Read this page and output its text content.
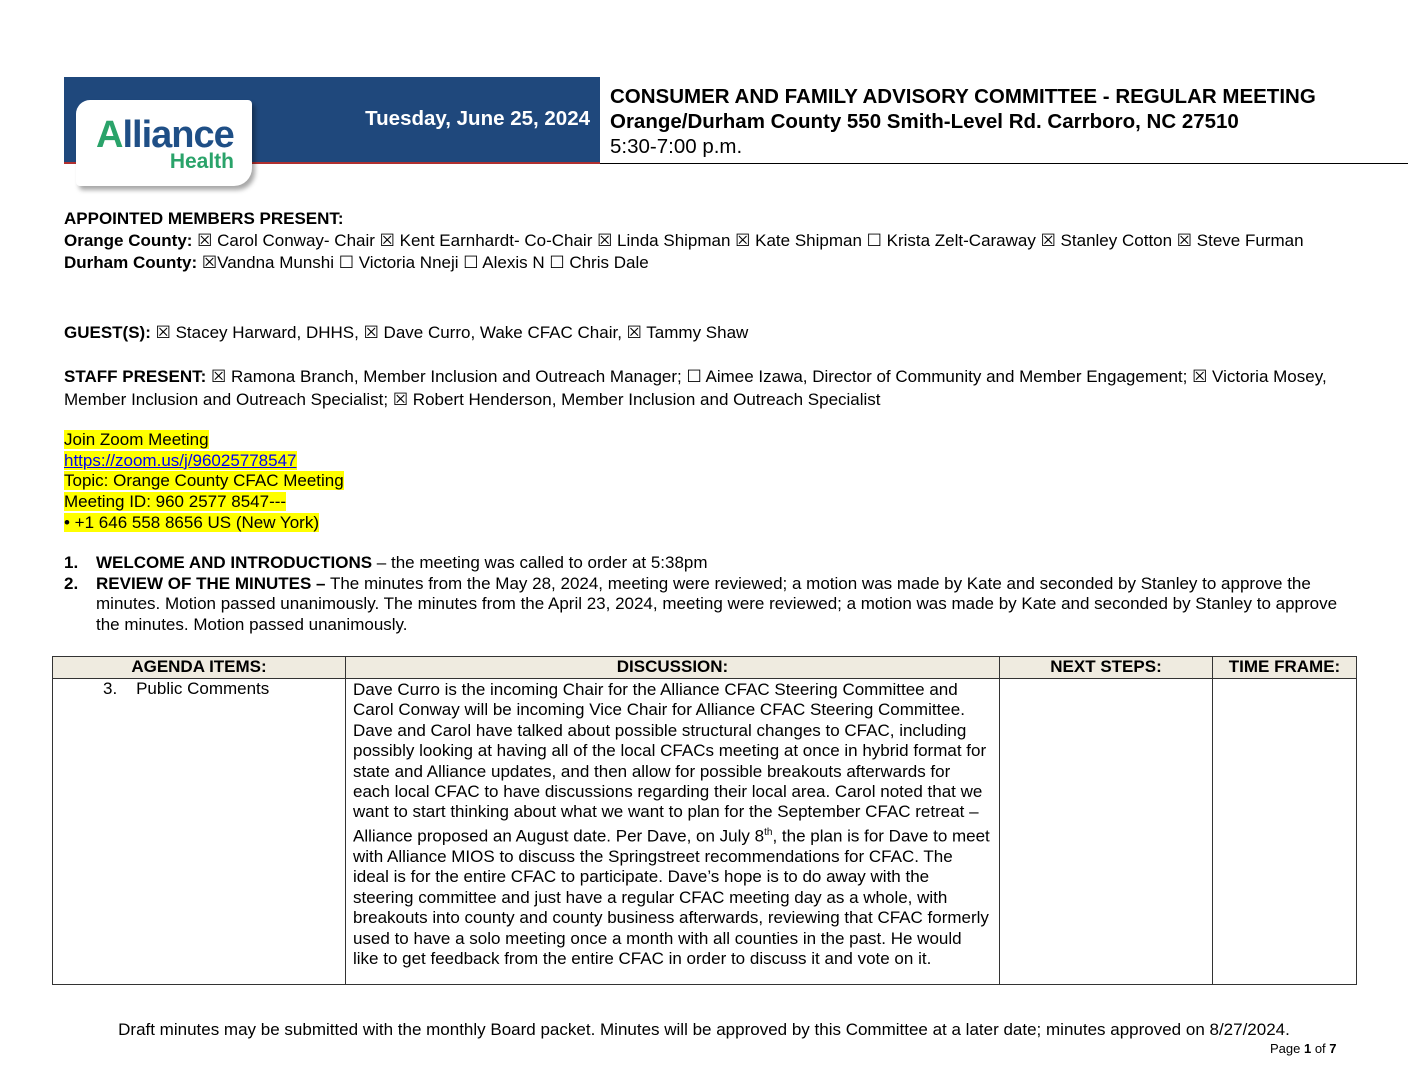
Alliance
Health
Tuesday, June 25, 2024
CONSUMER AND FAMILY ADVISORY COMMITTEE - REGULAR MEETING
Orange/Durham County 550 Smith-Level Rd. Carrboro, NC 27510
5:30-7:00 p.m.
APPOINTED MEMBERS PRESENT:
Orange County: ☒ Carol Conway- Chair ☒ Kent Earnhardt- Co-Chair ☒ Linda Shipman ☒ Kate Shipman ☐ Krista Zelt-Caraway ☒ Stanley Cotton ☒ Steve Furman
Durham County: ☒Vandna Munshi ☐ Victoria Nneji ☐ Alexis N ☐ Chris Dale
GUEST(S): ☒ Stacey Harward, DHHS, ☒ Dave Curro, Wake CFAC Chair, ☒ Tammy Shaw
STAFF PRESENT: ☒ Ramona Branch, Member Inclusion and Outreach Manager; ☐ Aimee Izawa, Director of Community and Member Engagement; ☒ Victoria Mosey, Member Inclusion and Outreach Specialist; ☒ Robert Henderson, Member Inclusion and Outreach Specialist
Join Zoom Meeting
https://zoom.us/j/96025778547
Topic: Orange County CFAC Meeting
Meeting ID: 960 2577 8547-‐‐
• +1 646 558 8656 US (New York)
1. WELCOME AND INTRODUCTIONS – the meeting was called to order at 5:38pm
2. REVIEW OF THE MINUTES – The minutes from the May 28, 2024, meeting were reviewed; a motion was made by Kate and seconded by Stanley to approve the minutes. Motion passed unanimously. The minutes from the April 23, 2024, meeting were reviewed; a motion was made by Kate and seconded by Stanley to approve the minutes. Motion passed unanimously.
AGENDA ITEMS:	DISCUSSION:	NEXT STEPS:	TIME FRAME:
3.    Public Comments	Dave Curro is the incoming Chair for the Alliance CFAC Steering Committee and Carol Conway will be incoming Vice Chair for Alliance CFAC Steering Committee. Dave and Carol have talked about possible structural changes to CFAC, including possibly looking at having all of the local CFACs meeting at once in hybrid format for state and Alliance updates, and then allow for possible breakouts afterwards for each local CFAC to have discussions regarding their local area. Carol noted that we want to start thinking about what we want to plan for the September CFAC retreat – Alliance proposed an August date. Per Dave, on July 8th, the plan is for Dave to meet with Alliance MIOS to discuss the Springstreet recommendations for CFAC. The ideal is for the entire CFAC to participate. Dave’s hope is to do away with the steering committee and just have a regular CFAC meeting day as a whole, with breakouts into county and county business afterwards, reviewing that CFAC formerly used to have a solo meeting once a month with all counties in the past. He would like to get feedback from the entire CFAC in order to discuss it and vote on it.		
Draft minutes may be submitted with the monthly Board packet. Minutes will be approved by this Committee at a later date; minutes approved on 8/27/2024.
Page 1 of 7
